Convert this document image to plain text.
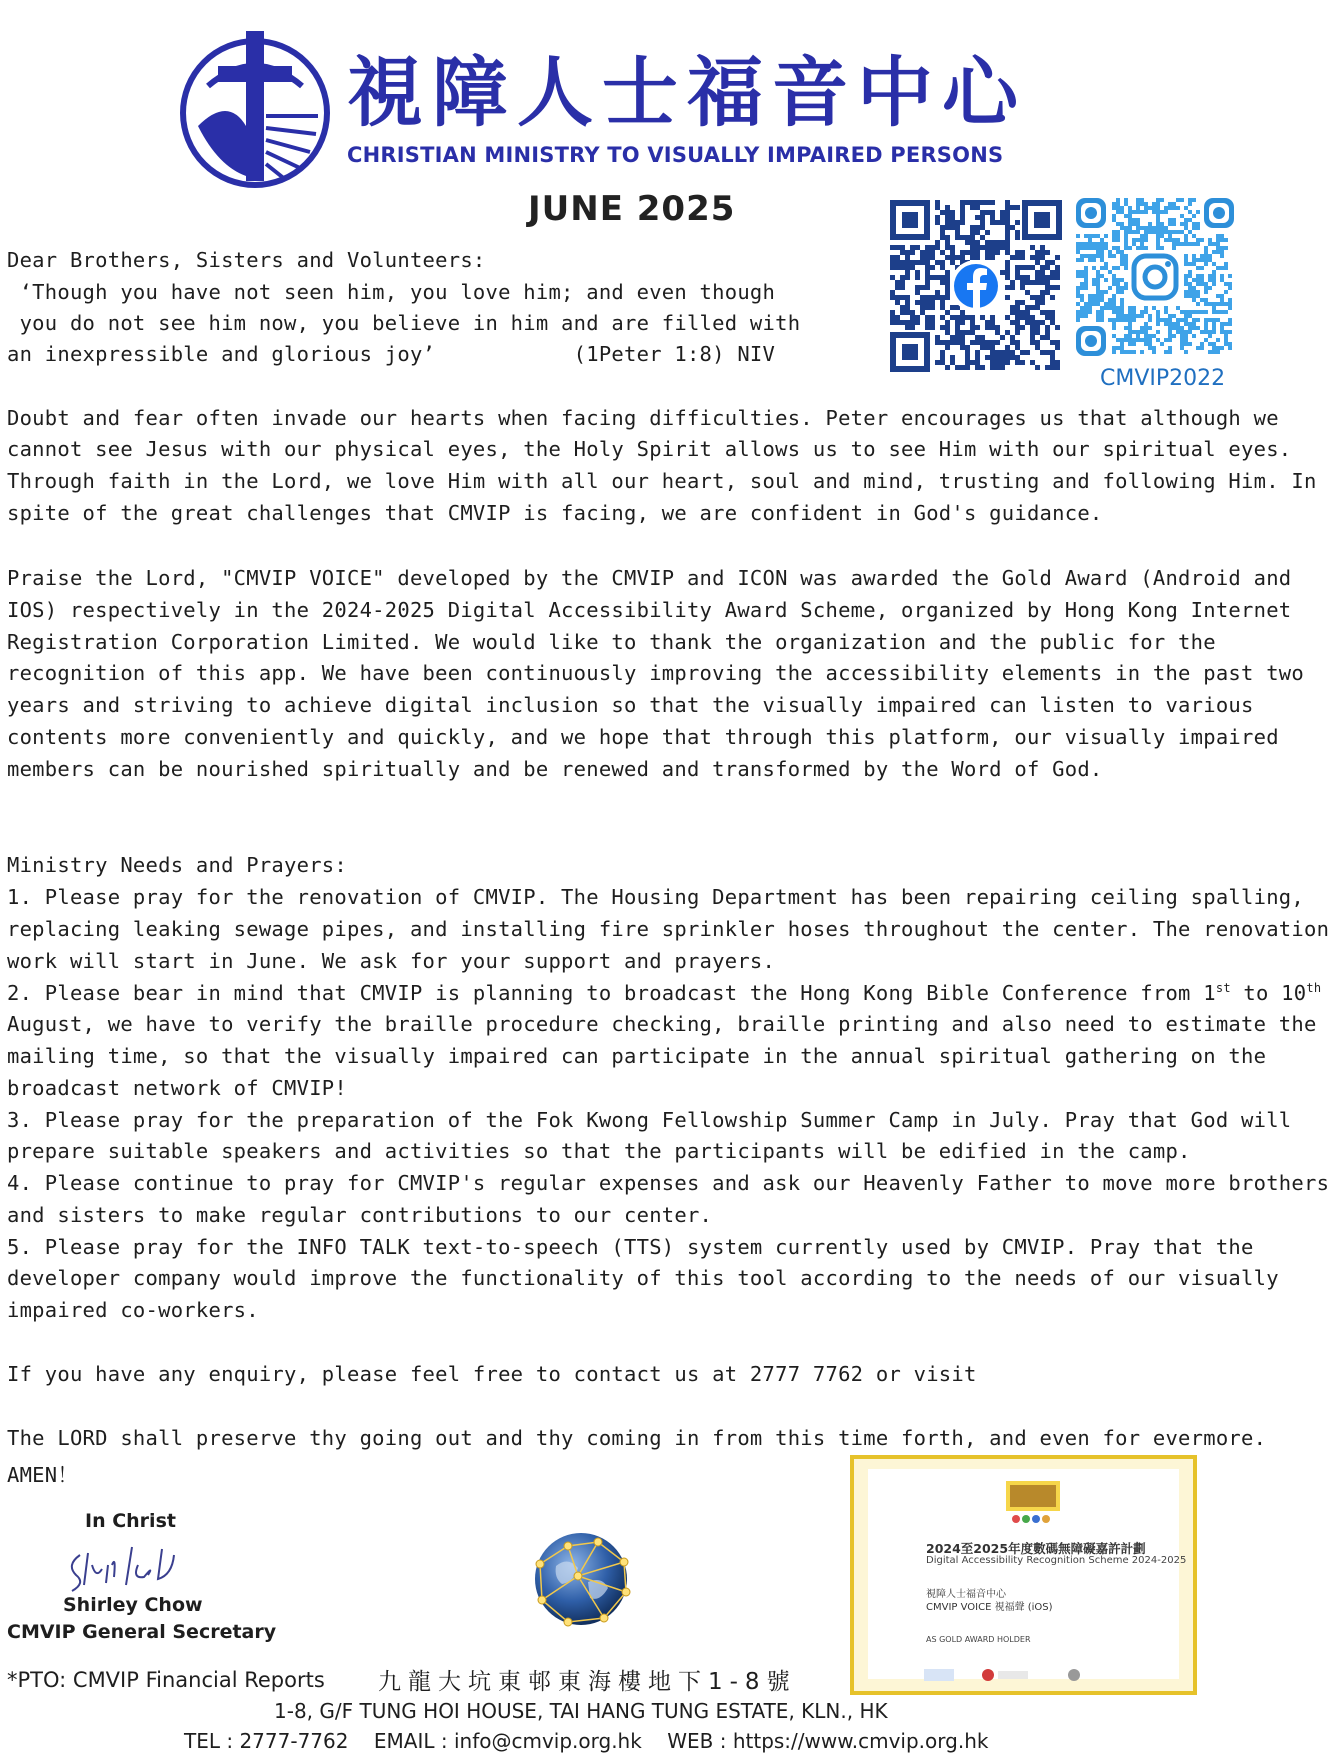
視障人士福音中心
CHRISTIAN MINISTRY TO VISUALLY IMPAIRED PERSONS
JUNE 2025
CMVIP2022
Dear Brothers, Sisters and Volunteers:
‘Though you have not seen him, you love him; and even though
you do not see him now, you believe in him and are filled with
an inexpressible and glorious joy’           (1Peter 1:8) NIV
Doubt and fear often invade our hearts when facing difficulties. Peter encourages us that although we
cannot see Jesus with our physical eyes, the Holy Spirit allows us to see Him with our spiritual eyes.
Through faith in the Lord, we love Him with all our heart, soul and mind, trusting and following Him. In
spite of the great challenges that CMVIP is facing, we are confident in God's guidance.
Praise the Lord, "CMVIP VOICE" developed by the CMVIP and ICON was awarded the Gold Award (Android and
IOS) respectively in the 2024-2025 Digital Accessibility Award Scheme, organized by Hong Kong Internet
Registration Corporation Limited. We would like to thank the organization and the public for the
recognition of this app. We have been continuously improving the accessibility elements in the past two
years and striving to achieve digital inclusion so that the visually impaired can listen to various
contents more conveniently and quickly, and we hope that through this platform, our visually impaired
members can be nourished spiritually and be renewed and transformed by the Word of God.
Ministry Needs and Prayers:
1. Please pray for the renovation of CMVIP. The Housing Department has been repairing ceiling spalling,
replacing leaking sewage pipes, and installing fire sprinkler hoses throughout the center. The renovation
work will start in June. We ask for your support and prayers.
2. Please bear in mind that CMVIP is planning to broadcast the Hong Kong Bible Conference from 1st to 10th
August, we have to verify the braille procedure checking, braille printing and also need to estimate the
mailing time, so that the visually impaired can participate in the annual spiritual gathering on the
broadcast network of CMVIP!
3. Please pray for the preparation of the Fok Kwong Fellowship Summer Camp in July. Pray that God will
prepare suitable speakers and activities so that the participants will be edified in the camp.
4. Please continue to pray for CMVIP's regular expenses and ask our Heavenly Father to move more brothers
and sisters to make regular contributions to our center.
5. Please pray for the INFO TALK text-to-speech (TTS) system currently used by CMVIP. Pray that the
developer company would improve the functionality of this tool according to the needs of our visually
impaired co-workers.
If you have any enquiry, please feel free to contact us at 2777 7762 or visit
The LORD shall preserve thy going out and thy coming in from this time forth, and even for evermore.
AMEN！
In Christ
Shirley Chow
CMVIP General Secretary
*PTO: CMVIP Financial Reports
2024至2025年度數碼無障礙嘉許計劃
Digital Accessibility Recognition Scheme 2024-2025
視障人士福音中心
CMVIP VOICE 視福聲 (iOS)
AS GOLD AWARD HOLDER
九龍大坑東邨東海樓地下1-8號
1-8, G/F TUNG HOI HOUSE, TAI HANG TUNG ESTATE, KLN., HK
TEL : 2777-7762    EMAIL : info@cmvip.org.hk    WEB : https://www.cmvip.org.hk
